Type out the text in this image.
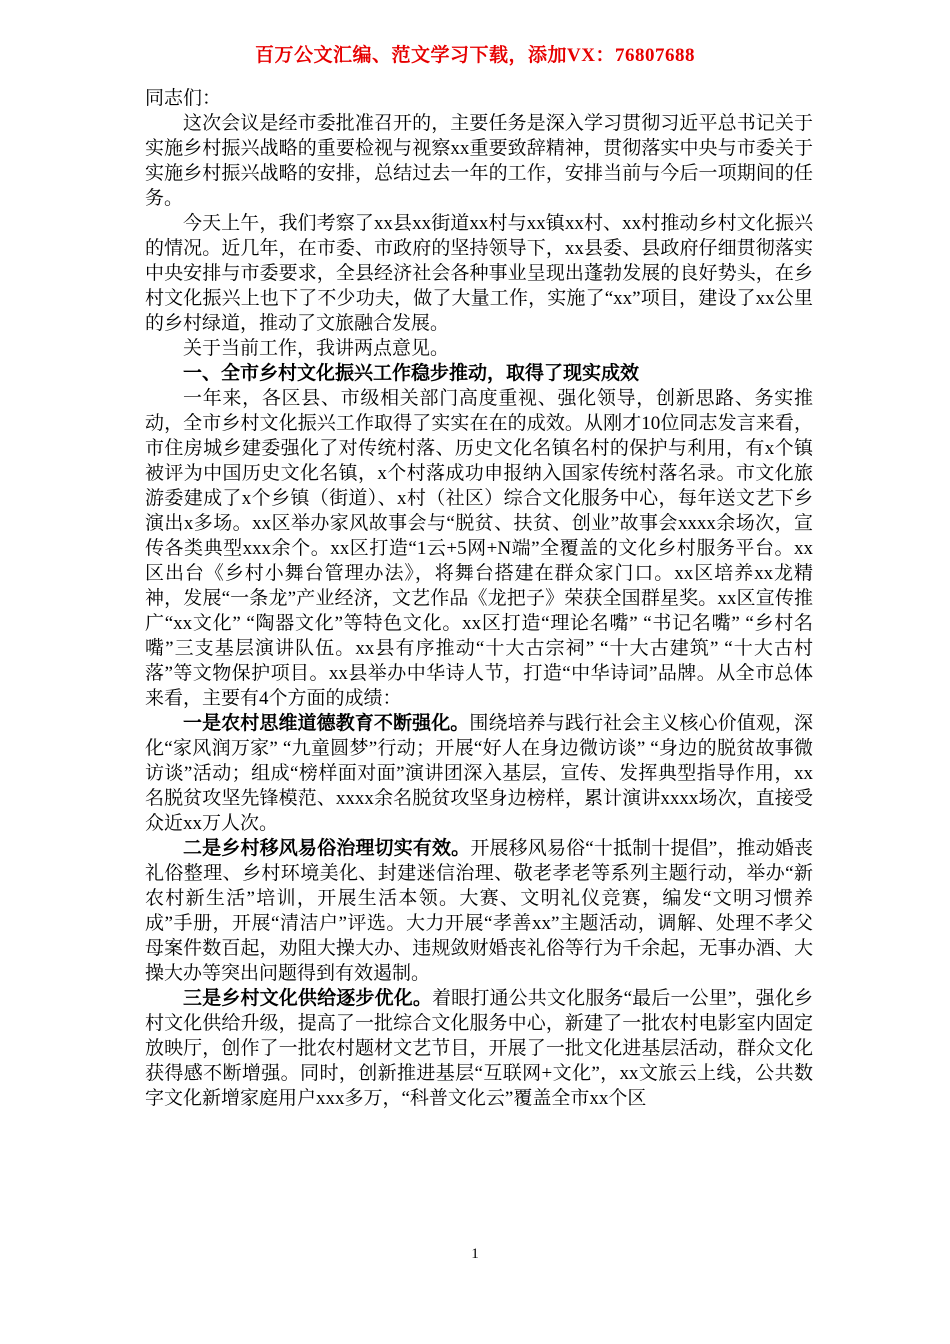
百万公文汇编、范文学习下载，添加VX：76807688

同志们：

这次会议是经市委批准召开的，主要任务是深入学习贯彻习近平总书记关于实施乡村振兴战略的重要检视与视察xx重要致辞精神，贯彻落实中央与市委关于实施乡村振兴战略的安排，总结过去一年的工作，安排当前与今后一项期间的任务。

今天上午，我们考察了xx县xx街道xx村与xx镇xx村、xx村推动乡村文化振兴的情况。近几年，在市委、市政府的坚持领导下，xx县委、县政府仔细贯彻落实中央安排与市委要求，全县经济社会各种事业呈现出蓬勃发展的良好势头，在乡村文化振兴上也下了不少功夫，做了大量工作，实施了“xx”项目，建设了xx公里的乡村绿道，推动了文旅融合发展。

关于当前工作，我讲两点意见。

一、全市乡村文化振兴工作稳步推动，取得了现实成效

一年来，各区县、市级相关部门高度重视、强化领导，创新思路、务实推动，全市乡村文化振兴工作取得了实实在在的成效。从刚才10位同志发言来看，市住房城乡建委强化了对传统村落、历史文化名镇名村的保护与利用，有x个镇被评为中国历史文化名镇，x个村落成功申报纳入国家传统村落名录。市文化旅游委建成了x个乡镇（街道）、x村（社区）综合文化服务中心，每年送文艺下乡演出x多场。xx区举办家风故事会与“脱贫、扶贫、创业”故事会xxxx余场次，宣传各类典型xxx余个。xx区打造“1云+5网+N端”全覆盖的文化乡村服务平台。xx区出台《乡村小舞台管理办法》，将舞台搭建在群众家门口。xx区培养xx龙精神，发展“一条龙”产业经济，文艺作品《龙把子》荣获全国群星奖。xx区宣传推广“xx文化” “陶器文化”等特色文化。xx区打造“理论名嘴” “书记名嘴” “乡村名嘴”三支基层演讲队伍。xx县有序推动“十大古宗祠” “十大古建筑” “十大古村落”等文物保护项目。xx县举办中华诗人节，打造“中华诗词”品牌。从全市总体来看，主要有4个方面的成绩：

一是农村思维道德教育不断强化。围绕培养与践行社会主义核心价值观，深化“家风润万家” “九童圆梦”行动；开展“好人在身边微访谈” “身边的脱贫故事微访谈”活动；组成“榜样面对面”演讲团深入基层，宣传、发挥典型指导作用，xx名脱贫攻坚先锋模范、xxxx余名脱贫攻坚身边榜样，累计演讲xxxx场次，直接受众近xx万人次。

二是乡村移风易俗治理切实有效。开展移风易俗“十抵制十提倡”，推动婚丧礼俗整理、乡村环境美化、封建迷信治理、敬老孝老等系列主题行动，举办“新农村新生活”培训，开展生活本领。大赛、文明礼仪竞赛，编发“文明习惯养成”手册，开展“清洁户”评选。大力开展“孝善xx”主题活动，调解、处理不孝父母案件数百起，劝阻大操大办、违规敛财婚丧礼俗等行为千余起，无事办酒、大操大办等突出问题得到有效遏制。

三是乡村文化供给逐步优化。着眼打通公共文化服务“最后一公里”，强化乡村文化供给升级，提高了一批综合文化服务中心，新建了一批农村电影室内固定放映厅，创作了一批农村题材文艺节目，开展了一批文化进基层活动，群众文化获得感不断增强。同时，创新推进基层“互联网+文化”，xx文旅云上线，公共数字文化新增家庭用户xxx多万，“科普文化云”覆盖全市xx个区

1
